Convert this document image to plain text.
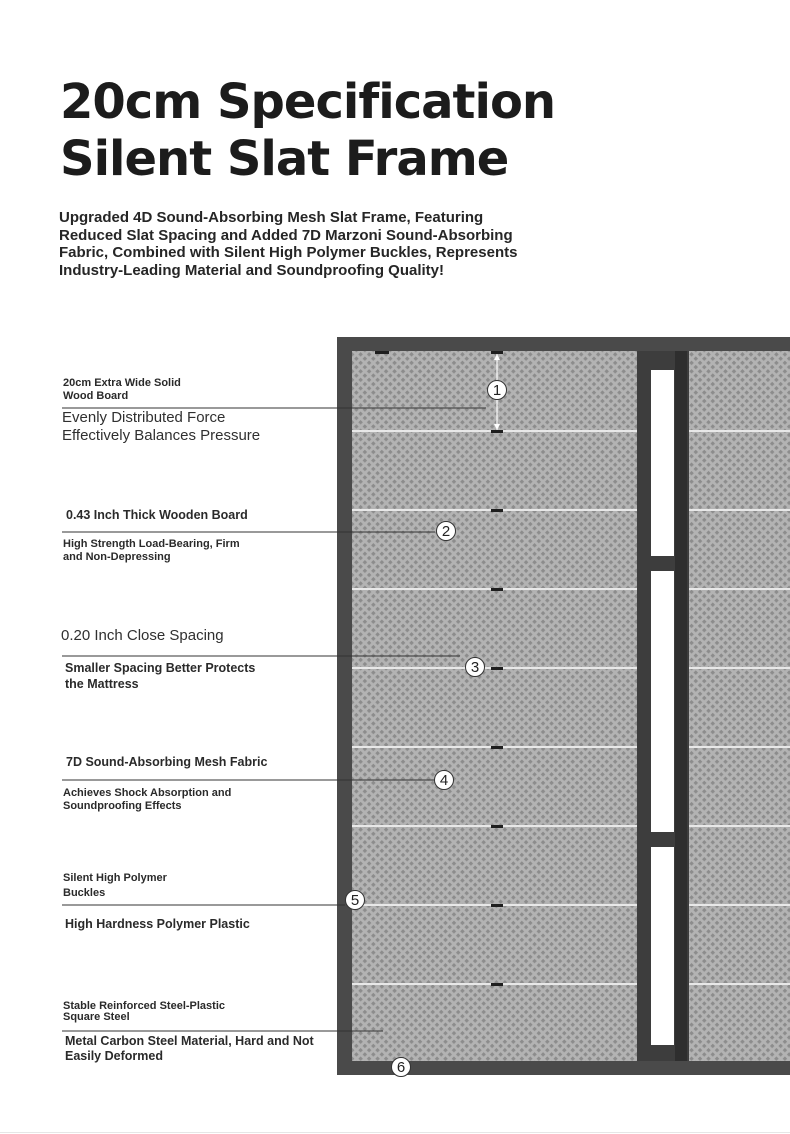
20cm Specification
Silent Slat Frame

Upgraded 4D Sound-Absorbing Mesh Slat Frame, Featuring Reduced Slat Spacing and Added 7D Marzoni Sound-Absorbing Fabric, Combined with Silent High Polymer Buckles, Represents Industry-Leading Material and Soundproofing Quality!

1
2
3
4
5
6
20cm Extra Wide Solid Wood Board
Evenly Distributed Force Effectively Balances Pressure
0.43 Inch Thick Wooden Board
High Strength Load-Bearing, Firm and Non-Depressing
0.20 Inch Close Spacing
Smaller Spacing Better Protects the Mattress
7D Sound-Absorbing Mesh Fabric
Achieves Shock Absorption and Soundproofing Effects
Silent High Polymer Buckles
High Hardness Polymer Plastic
Stable Reinforced Steel-Plastic Square Steel
Metal Carbon Steel Material, Hard and Not Easily Deformed
